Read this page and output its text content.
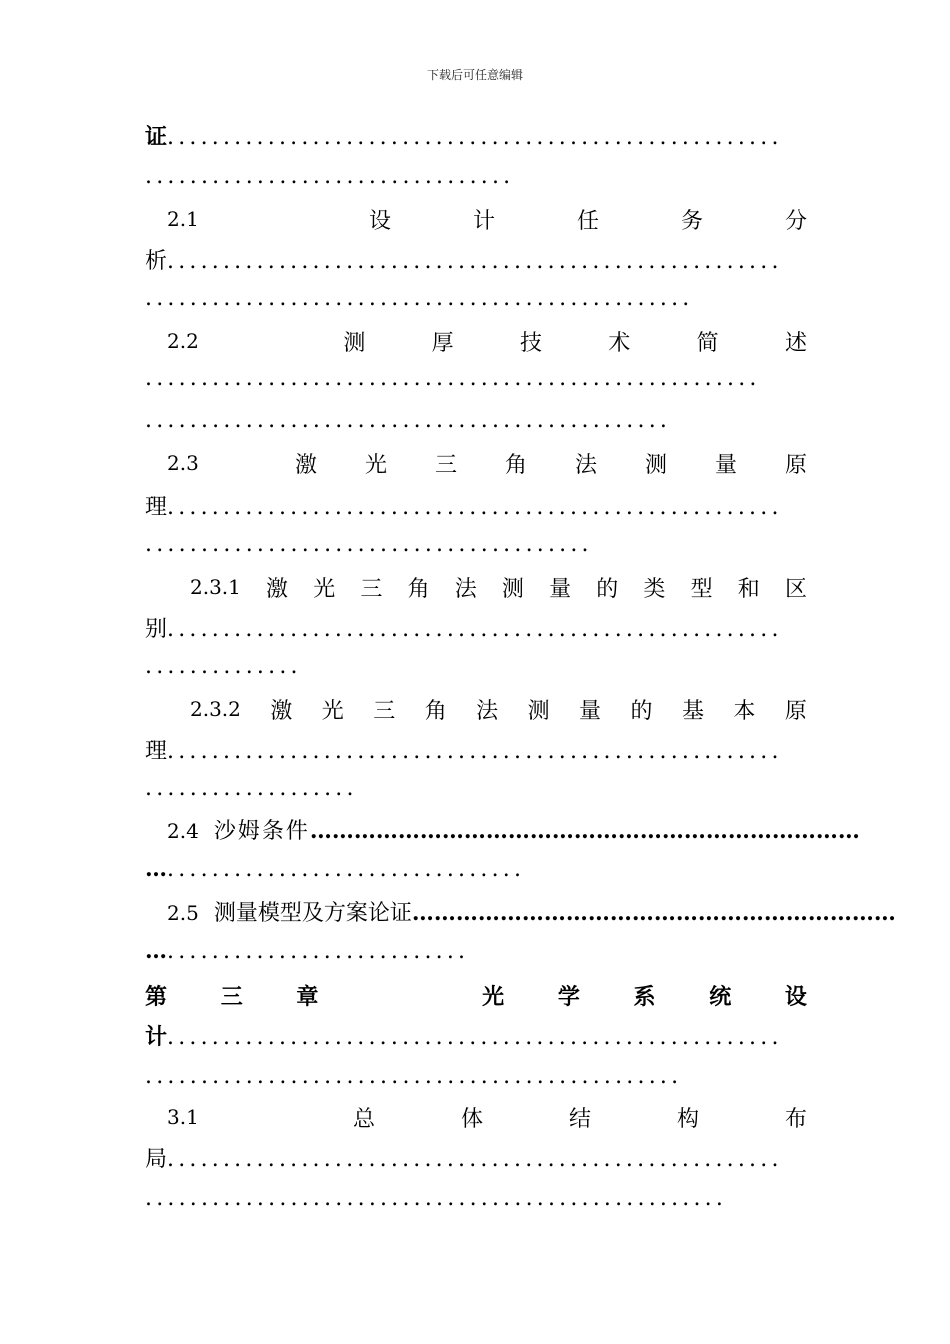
下载后可任意编辑
证.......................................................
.................................
2.1	设	计	任	务	分
析.......................................................
.................................................
2.2	测	厚	技	术	简	述
.......................................................
...............................................
2.3	激 光 三 角 法 测 量 原
理.......................................................
........................................
2.3.1 激 光 三 角 法 测 量 的 类 型 和 区
别.......................................................
..............
2.3.2 激 光 三 角 法 测 量 的 基 本 原
理.......................................................
...................
2.4 沙姆条件…………………………………………………………………
…................................
2.5 测量模型及方案论证…………………………………………………………
…...........................
第 三 章	光 学 系 统 设
计.......................................................
................................................
3.1	总	体	结	构	布
局.......................................................
....................................................
